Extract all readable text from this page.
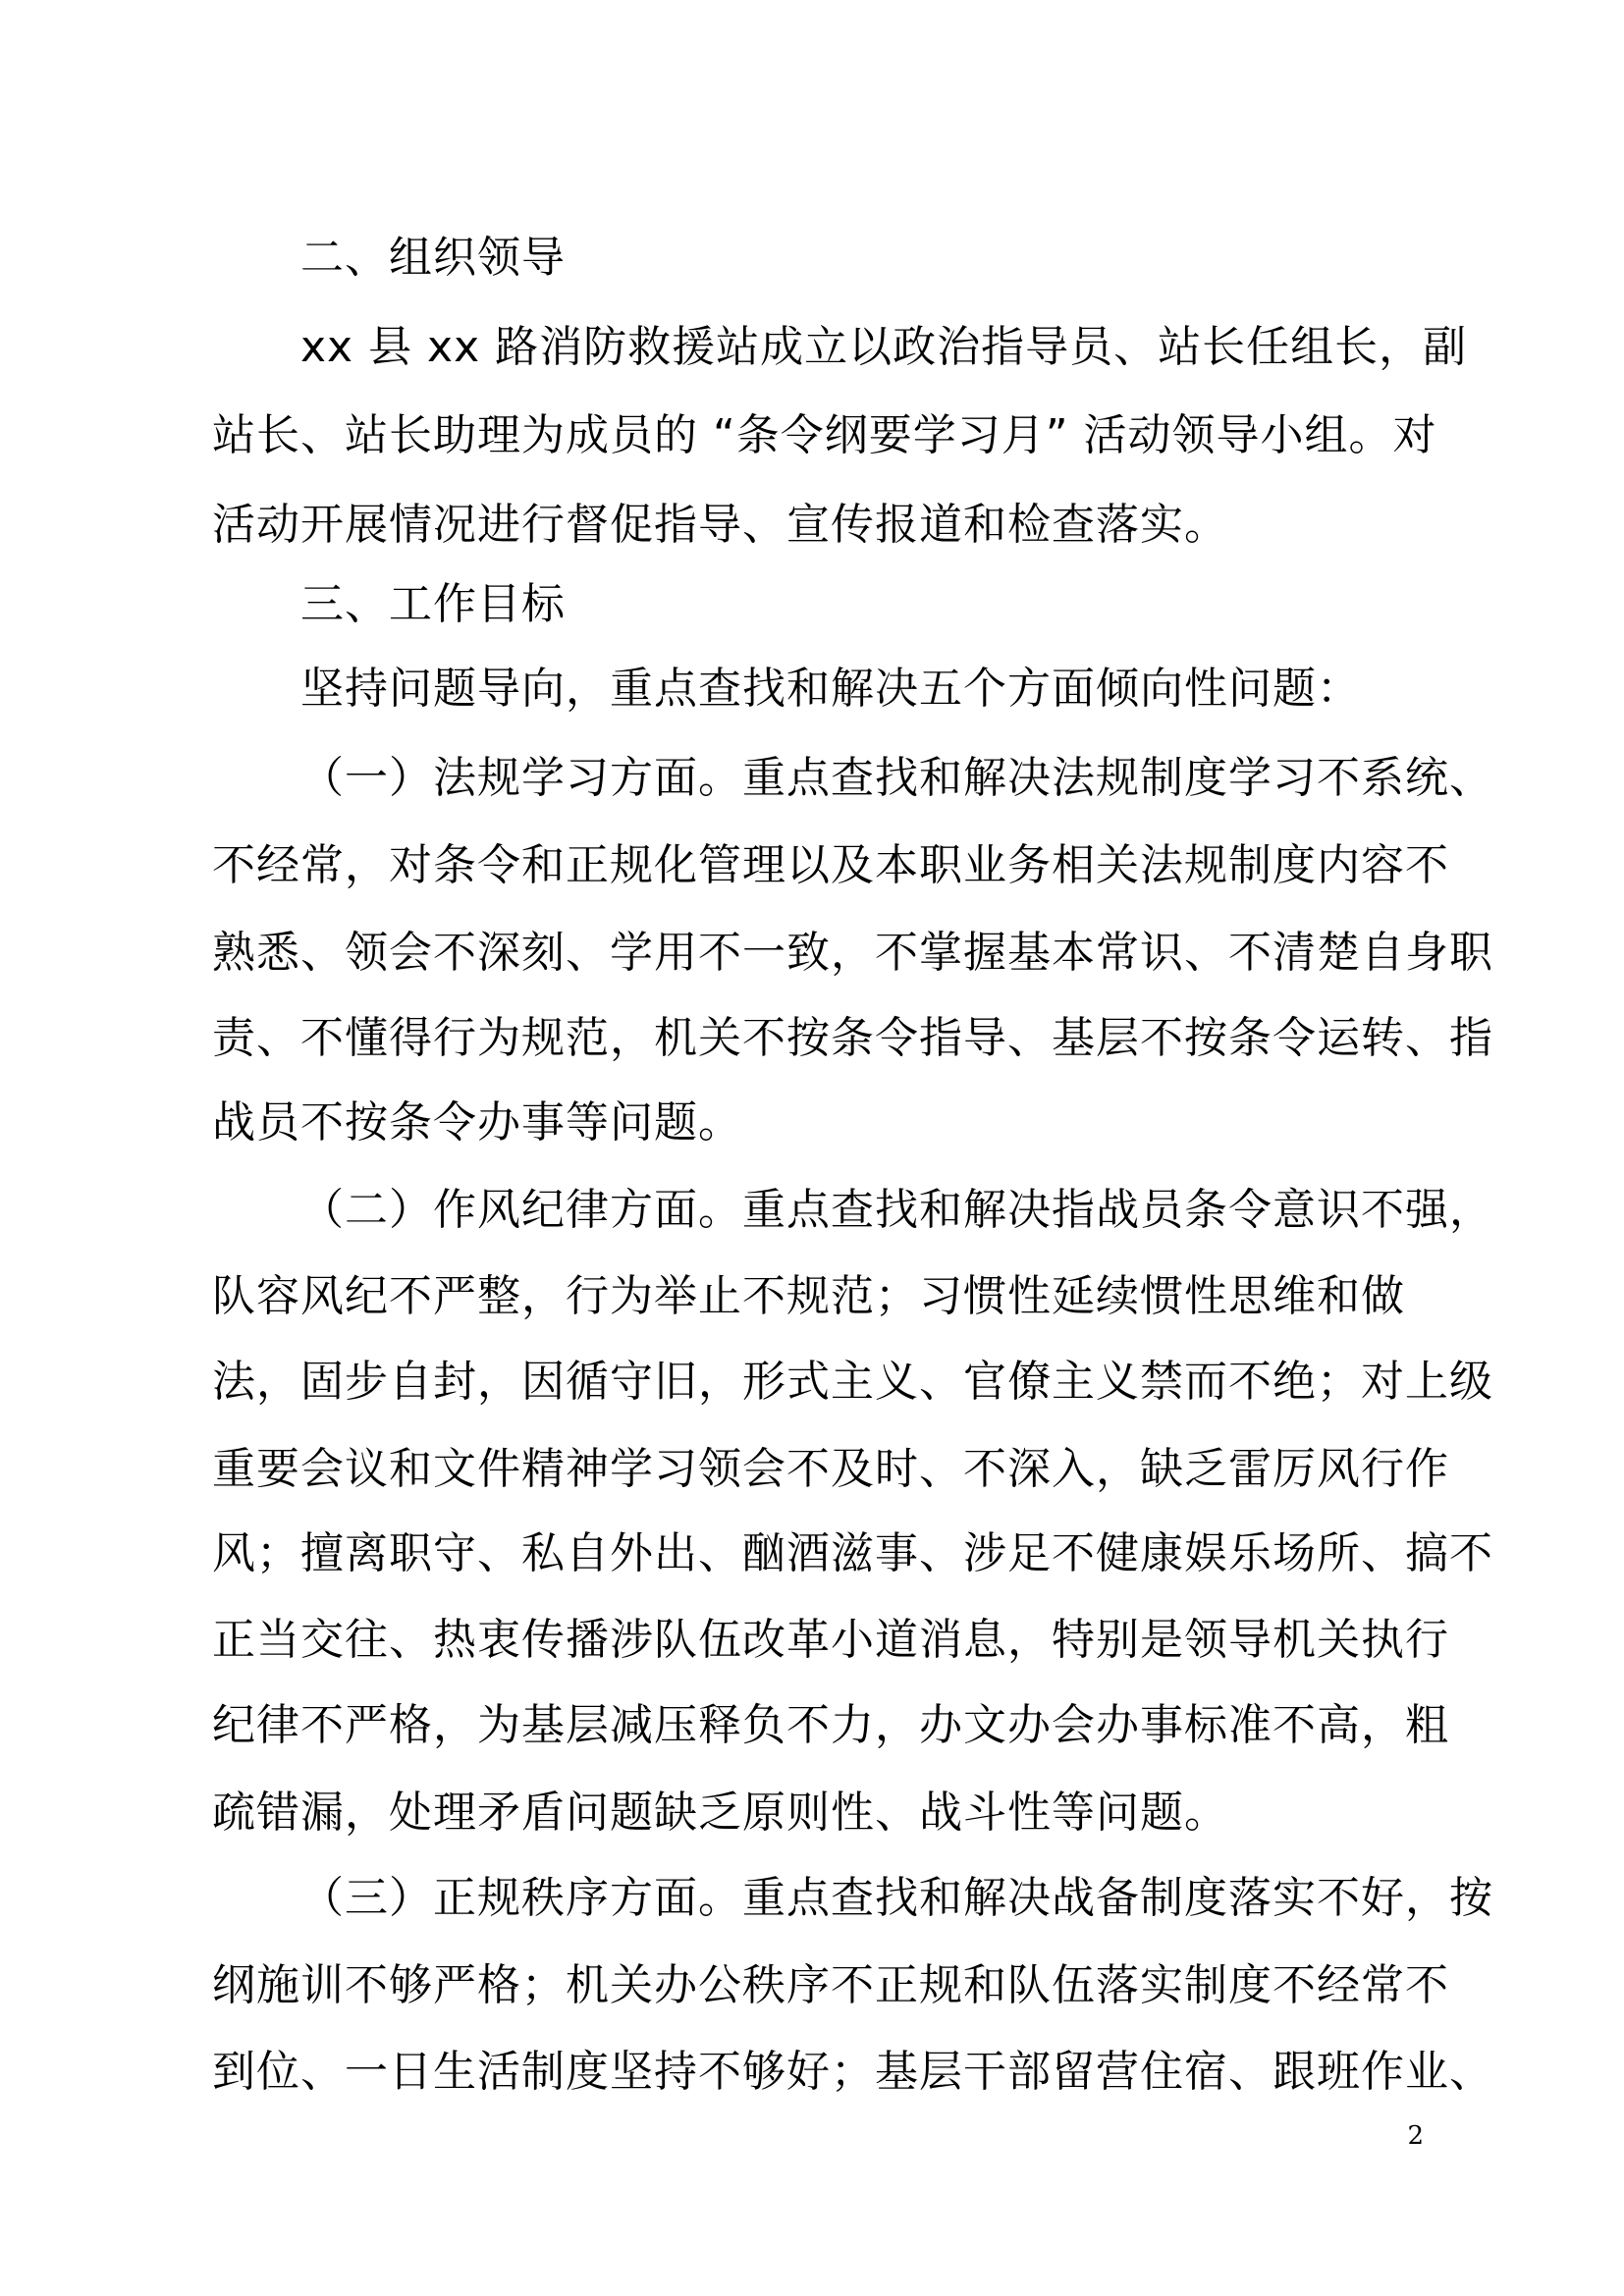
二、组织领导
xx 县 xx 路消防救援站成立以政治指导员、站长任组长，副
站长、站长助理为成员的 “条令纲要学习月” 活动领导小组。对
活动开展情况进行督促指导、宣传报道和检查落实。
三、工作目标
坚持问题导向，重点查找和解决五个方面倾向性问题：
（一）法规学习方面。重点查找和解决法规制度学习不系统、
不经常，对条令和正规化管理以及本职业务相关法规制度内容不
熟悉、领会不深刻、学用不一致，不掌握基本常识、不清楚自身职
责、不懂得行为规范，机关不按条令指导、基层不按条令运转、指
战员不按条令办事等问题。
（二）作风纪律方面。重点查找和解决指战员条令意识不强，
队容风纪不严整，行为举止不规范；习惯性延续惯性思维和做
法，固步自封，因循守旧，形式主义、官僚主义禁而不绝；对上级
重要会议和文件精神学习领会不及时、不深入，缺乏雷厉风行作
风；擅离职守、私自外出、酗酒滋事、涉足不健康娱乐场所、搞不
正当交往、热衷传播涉队伍改革小道消息，特别是领导机关执行
纪律不严格，为基层减压释负不力，办文办会办事标准不高，粗
疏错漏，处理矛盾问题缺乏原则性、战斗性等问题。
（三）正规秩序方面。重点查找和解决战备制度落实不好，按
纲施训不够严格；机关办公秩序不正规和队伍落实制度不经常不
到位、一日生活制度坚持不够好；基层干部留营住宿、跟班作业、
2
